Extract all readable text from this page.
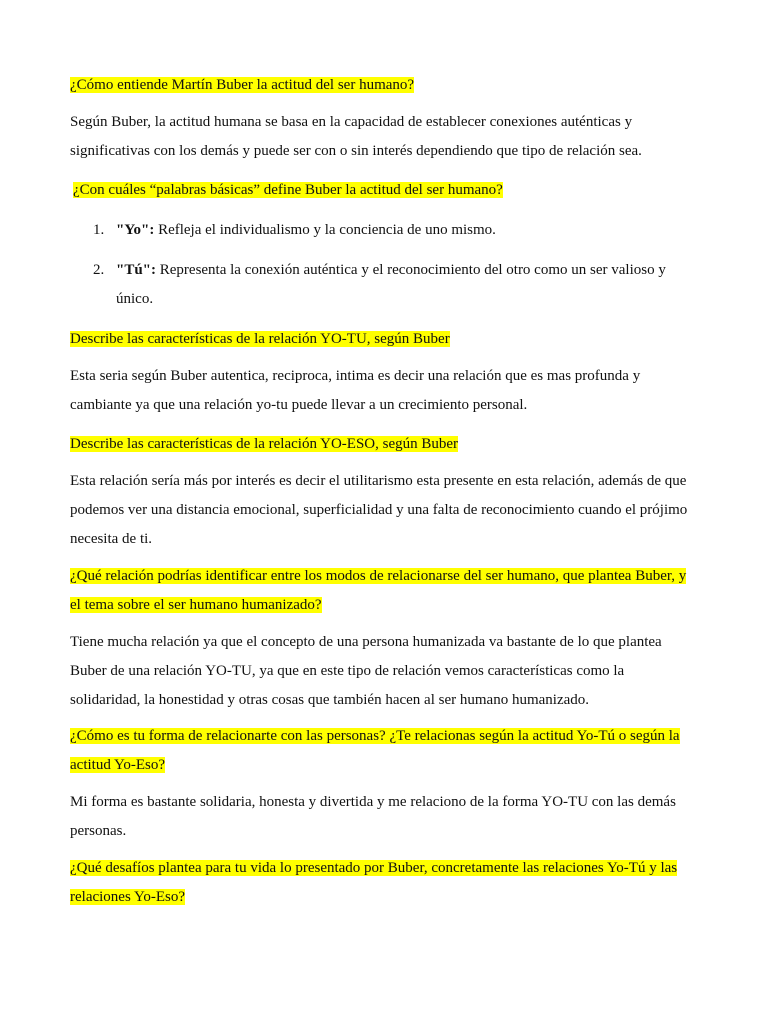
¿Cómo entiende Martín Buber la actitud del ser humano?

Según Buber, la actitud humana se basa en la capacidad de establecer conexiones auténticas y significativas con los demás y puede ser con o sin interés dependiendo que tipo de relación sea.

¿Con cuáles “palabras básicas” define Buber la actitud del ser humano?

1. "Yo": Refleja el individualismo y la conciencia de uno mismo.
2. "Tú": Representa la conexión auténtica y el reconocimiento del otro como un ser valioso y único.

Describe las características de la relación YO-TU, según Buber

Esta seria según Buber autentica, reciproca, intima es decir una relación que es mas profunda y cambiante ya que una relación yo-tu puede llevar a un crecimiento personal.

Describe las características de la relación YO-ESO, según Buber

Esta relación sería más por interés es decir el utilitarismo esta presente en esta relación, además de que podemos ver una distancia emocional, superficialidad y una falta de reconocimiento cuando el prójimo necesita de ti.

¿Qué relación podrías identificar entre los modos de relacionarse del ser humano, que plantea Buber, y el tema sobre el ser humano humanizado?

Tiene mucha relación ya que el concepto de una persona humanizada va bastante de lo que plantea Buber de una relación YO-TU, ya que en este tipo de relación vemos características como la solidaridad, la honestidad y otras cosas que también hacen al ser humano humanizado.

¿Cómo es tu forma de relacionarte con las personas? ¿Te relacionas según la actitud Yo-Tú o según la actitud Yo-Eso?

Mi forma es bastante solidaria, honesta y divertida y me relaciono de la forma YO-TU con las demás personas.

¿Qué desafíos plantea para tu vida lo presentado por Buber, concretamente las relaciones Yo-Tú y las relaciones Yo-Eso?
